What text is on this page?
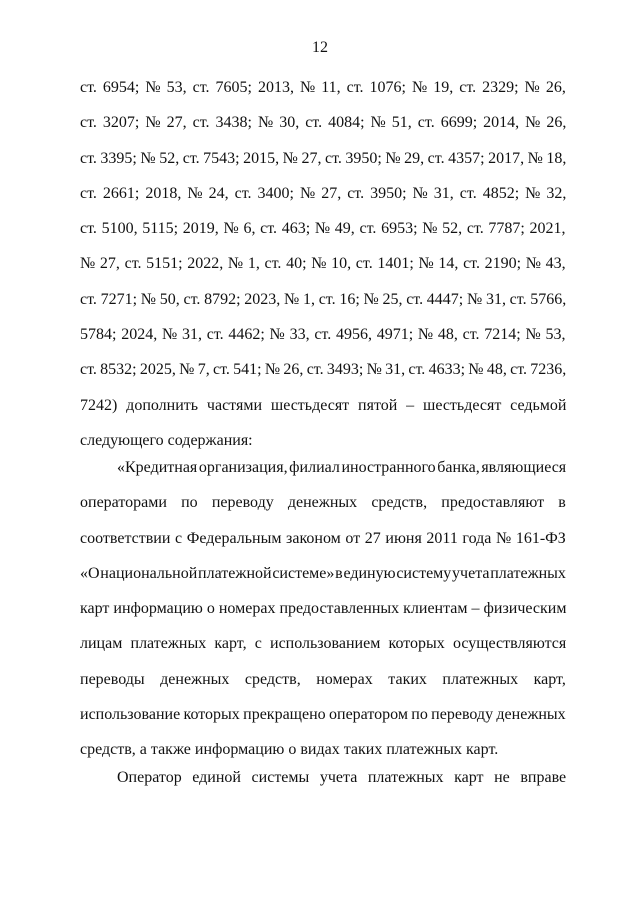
12
ст. 6954; № 53, ст. 7605; 2013, № 11, ст. 1076; № 19, ст. 2329; № 26,
ст. 3207; № 27, ст. 3438; № 30, ст. 4084; № 51, ст. 6699; 2014, № 26,
ст. 3395; № 52, ст. 7543; 2015, № 27, ст. 3950; № 29, ст. 4357; 2017, № 18,
ст. 2661; 2018, № 24, ст. 3400; № 27, ст. 3950; № 31, ст. 4852; № 32,
ст. 5100, 5115; 2019, № 6, ст. 463; № 49, ст. 6953; № 52, ст. 7787; 2021,
№ 27, ст. 5151; 2022, № 1, ст. 40; № 10, ст. 1401; № 14, ст. 2190; № 43,
ст. 7271; № 50, ст. 8792; 2023, № 1, ст. 16; № 25, ст. 4447; № 31, ст. 5766,
5784; 2024, № 31, ст. 4462; № 33, ст. 4956, 4971; № 48, ст. 7214; № 53,
ст. 8532; 2025, № 7, ст. 541; № 26, ст. 3493; № 31, ст. 4633; № 48, ст. 7236,
7242) дополнить частями шестьдесят пятой – шестьдесят седьмой
следующего содержания:
«Кредитная организация, филиал иностранного банка, являющиеся
операторами по переводу денежных средств, предоставляют в
соответствии с Федеральным законом от 27 июня 2011 года № 161-ФЗ
«О национальной платежной системе» в единую систему учета платежных
карт информацию о номерах предоставленных клиентам – физическим
лицам платежных карт, с использованием которых осуществляются
переводы денежных средств, номерах таких платежных карт,
использование которых прекращено оператором по переводу денежных
средств, а также информацию о видах таких платежных карт.
Оператор единой системы учета платежных карт не вправе
